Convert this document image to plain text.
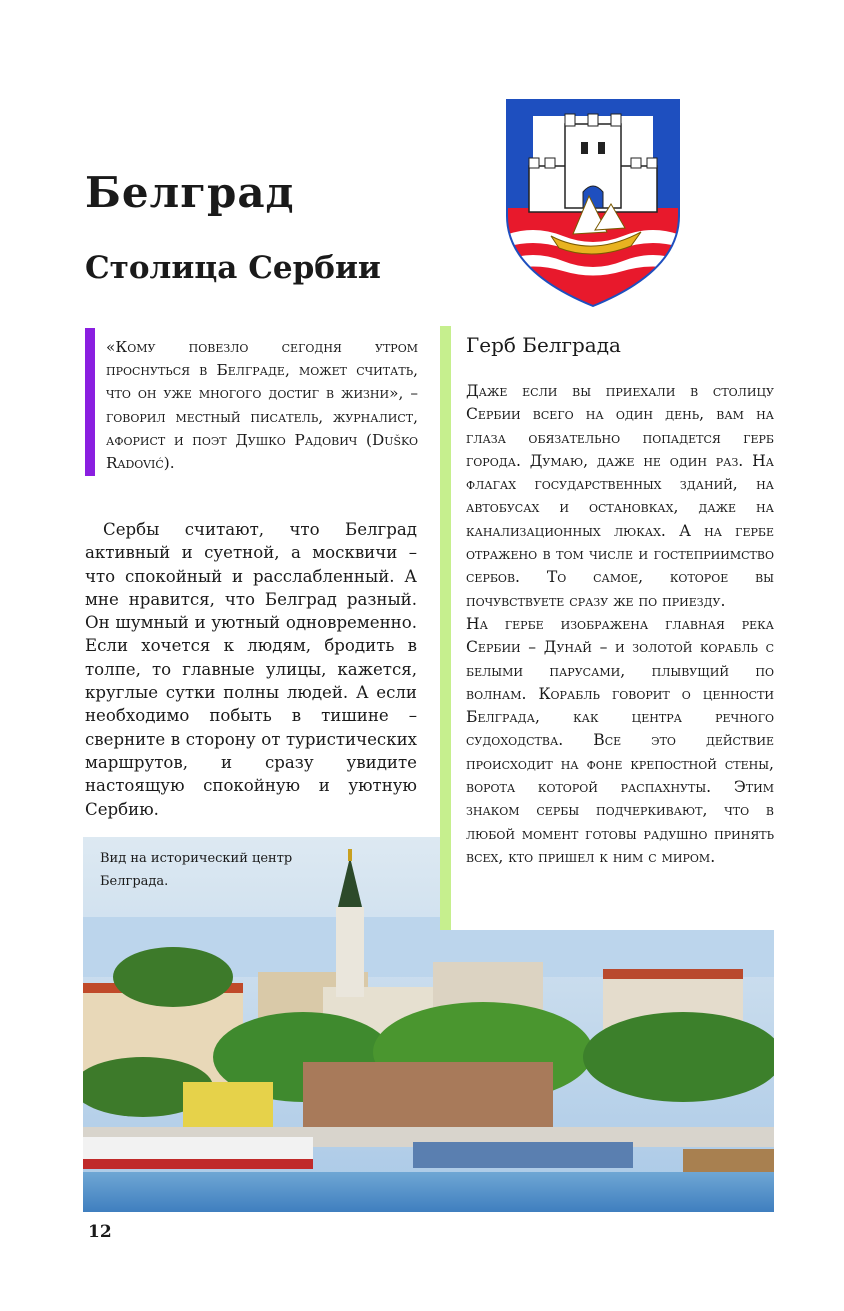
Белград
Столица Сербии
«Кому повезло сегодня утром проснуться в Белграде, может считать, что он уже многого достиг в жизни», – говорил местный писатель, журналист, афорист и поэт Душко Радович (Duško Radović).
Сербы считают, что Белград активный и суетной, а москвичи – что спокойный и расслабленный. А мне нравится, что Белград разный. Он шумный и уютный одновременно. Если хочется к людям, бродить в толпе, то главные улицы, кажется, круглые сутки полны людей. А если необходимо побыть в тишине – сверните в сторону от туристических маршрутов, и сразу увидите настоящую спокойную и уютную Сербию.
Вид на исторический центр Белграда.
Герб Белграда

Даже если вы приехали в столицу Сербии всего на один день, вам на глаза обязательно попадется герб города. Думаю, даже не один раз. На флагах государственных зданий, на автобусах и остановках, даже на канализационных люках. А на гербе отражено в том числе и гостеприимство сербов. То самое, которое вы почувствуете сразу же по приезду.

На гербе изображена главная река Сербии – Дунай – и золотой корабль с белыми парусами, плывущий по волнам. Корабль говорит о ценности Белграда, как центра речного судоходства. Все это действие происходит на фоне крепостной стены, ворота которой распахнуты. Этим знаком сербы подчеркивают, что в любой момент готовы радушно принять всех, кто пришел к ним с миром.

12
